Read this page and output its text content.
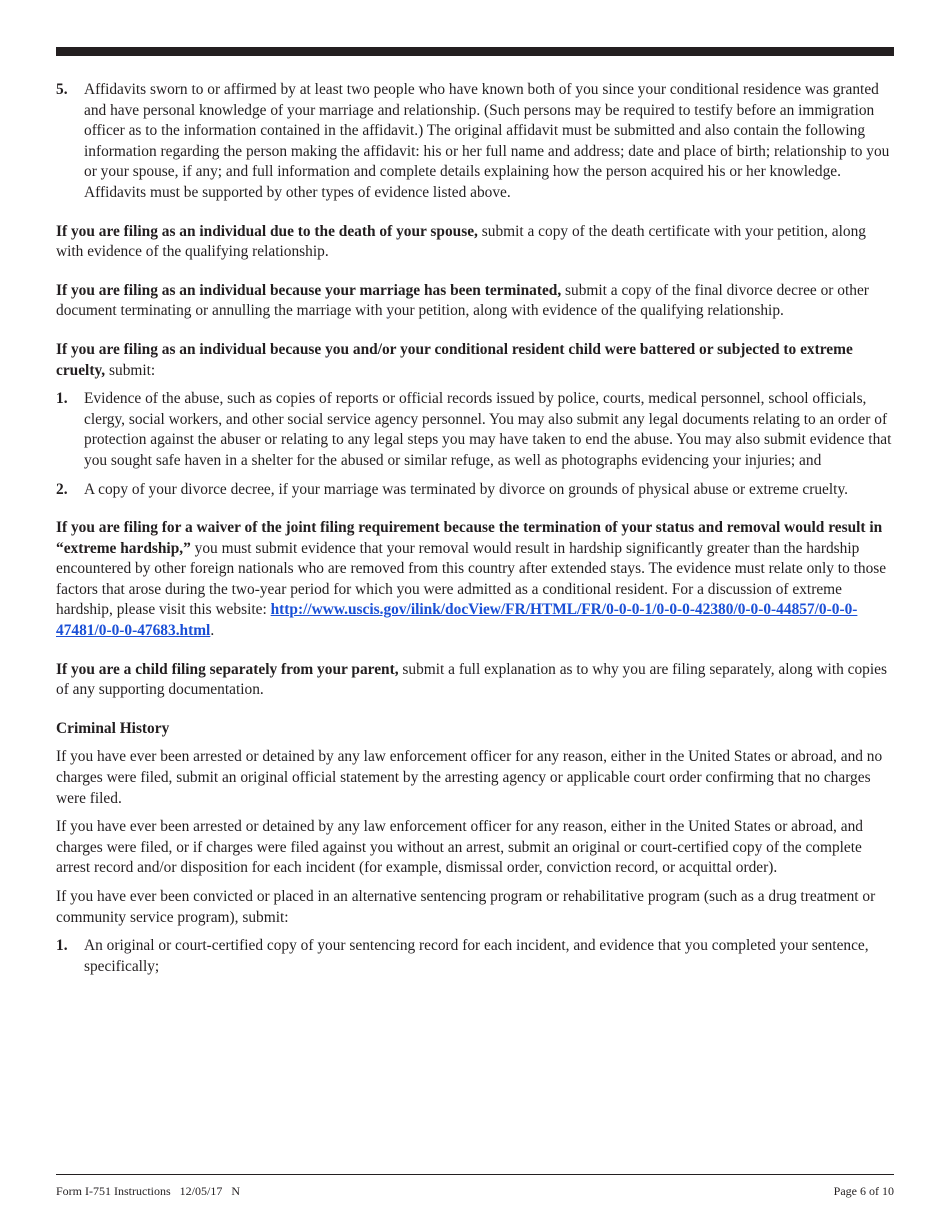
5.	Affidavits sworn to or affirmed by at least two people who have known both of you since your conditional residence was granted and have personal knowledge of your marriage and relationship. (Such persons may be required to testify before an immigration officer as to the information contained in the affidavit.) The original affidavit must be submitted and also contain the following information regarding the person making the affidavit: his or her full name and address; date and place of birth; relationship to you or your spouse, if any; and full information and complete details explaining how the person acquired his or her knowledge. Affidavits must be supported by other types of evidence listed above.

If you are filing as an individual due to the death of your spouse, submit a copy of the death certificate with your petition, along with evidence of the qualifying relationship.

If you are filing as an individual because your marriage has been terminated, submit a copy of the final divorce decree or other document terminating or annulling the marriage with your petition, along with evidence of the qualifying relationship.

If you are filing as an individual because you and/or your conditional resident child were battered or subjected to extreme cruelty, submit:

1.	Evidence of the abuse, such as copies of reports or official records issued by police, courts, medical personnel, school officials, clergy, social workers, and other social service agency personnel. You may also submit any legal documents relating to an order of protection against the abuser or relating to any legal steps you may have taken to end the abuse. You may also submit evidence that you sought safe haven in a shelter for the abused or similar refuge, as well as photographs evidencing your injuries; and
2.	A copy of your divorce decree, if your marriage was terminated by divorce on grounds of physical abuse or extreme cruelty.

If you are filing for a waiver of the joint filing requirement because the termination of your status and removal would result in “extreme hardship,” you must submit evidence that your removal would result in hardship significantly greater than the hardship encountered by other foreign nationals who are removed from this country after extended stays. The evidence must relate only to those factors that arose during the two-year period for which you were admitted as a conditional resident. For a discussion of extreme hardship, please visit this website: http://www.uscis.gov/ilink/docView/FR/HTML/FR/0-0-0-1/0-0-0-42380/0-0-0-44857/0-0-0-47481/0-0-0-47683.html.

If you are a child filing separately from your parent, submit a full explanation as to why you are filing separately, along with copies of any supporting documentation.

Criminal History

If you have ever been arrested or detained by any law enforcement officer for any reason, either in the United States or abroad, and no charges were filed, submit an original official statement by the arresting agency or applicable court order confirming that no charges were filed.

If you have ever been arrested or detained by any law enforcement officer for any reason, either in the United States or abroad, and charges were filed, or if charges were filed against you without an arrest, submit an original or court-certified copy of the complete arrest record and/or disposition for each incident (for example, dismissal order, conviction record, or acquittal order).

If you have ever been convicted or placed in an alternative sentencing program or rehabilitative program (such as a drug treatment or community service program), submit:

1.	An original or court-certified copy of your sentencing record for each incident, and evidence that you completed your sentence, specifically;
Form I-751 Instructions   12/05/17   N	Page 6 of 10
